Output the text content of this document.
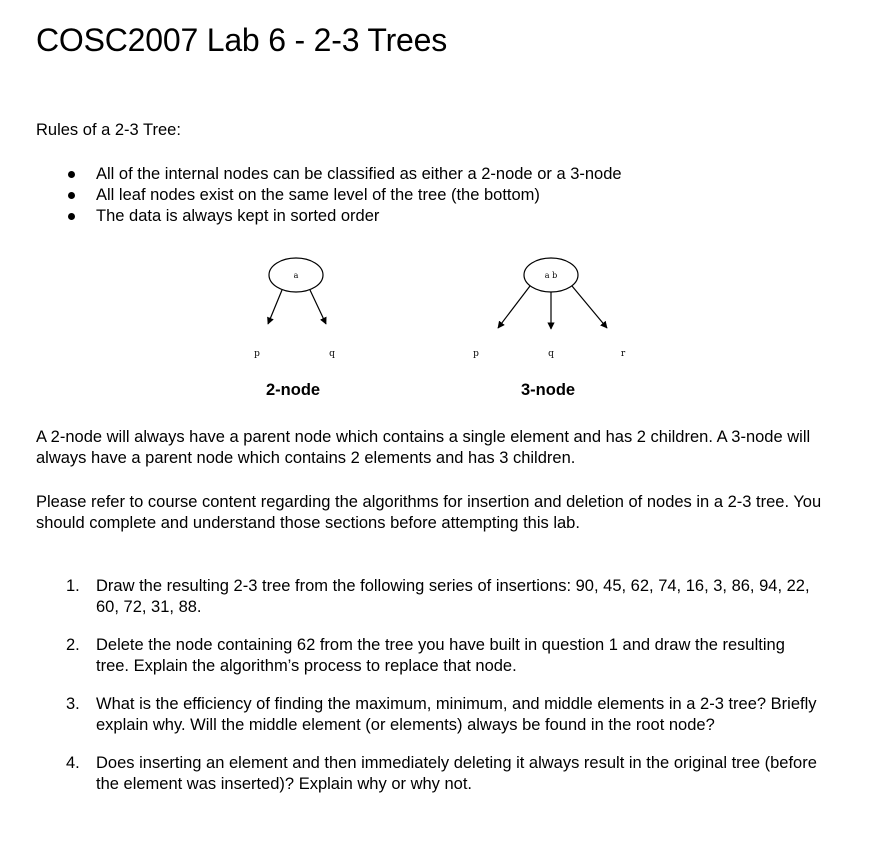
COSC2007 Lab 6 - 2-3 Trees

Rules of a 2-3 Tree:

All of the internal nodes can be classified as either a 2-node or a 3-node
All leaf nodes exist on the same level of the tree (the bottom)
The data is always kept in sorted order
a
p	q
a b
p	q	r

2-node	3-node

A 2-node will always have a parent node which contains a single element and has 2 children. A 3-node will always have a parent node which contains 2 elements and has 3 children.

Please refer to course content regarding the algorithms for insertion and deletion of nodes in a 2-3 tree. You should complete and understand those sections before attempting this lab.

1. Draw the resulting 2-3 tree from the following series of insertions: 90, 45, 62, 74, 16, 3, 86, 94, 22, 60, 72, 31, 88.
2. Delete the node containing 62 from the tree you have built in question 1 and draw the resulting tree. Explain the algorithm’s process to replace that node.
3. What is the efficiency of finding the maximum, minimum, and middle elements in a 2-3 tree? Briefly explain why. Will the middle element (or elements) always be found in the root node?
4. Does inserting an element and then immediately deleting it always result in the original tree (before the element was inserted)? Explain why or why not.
